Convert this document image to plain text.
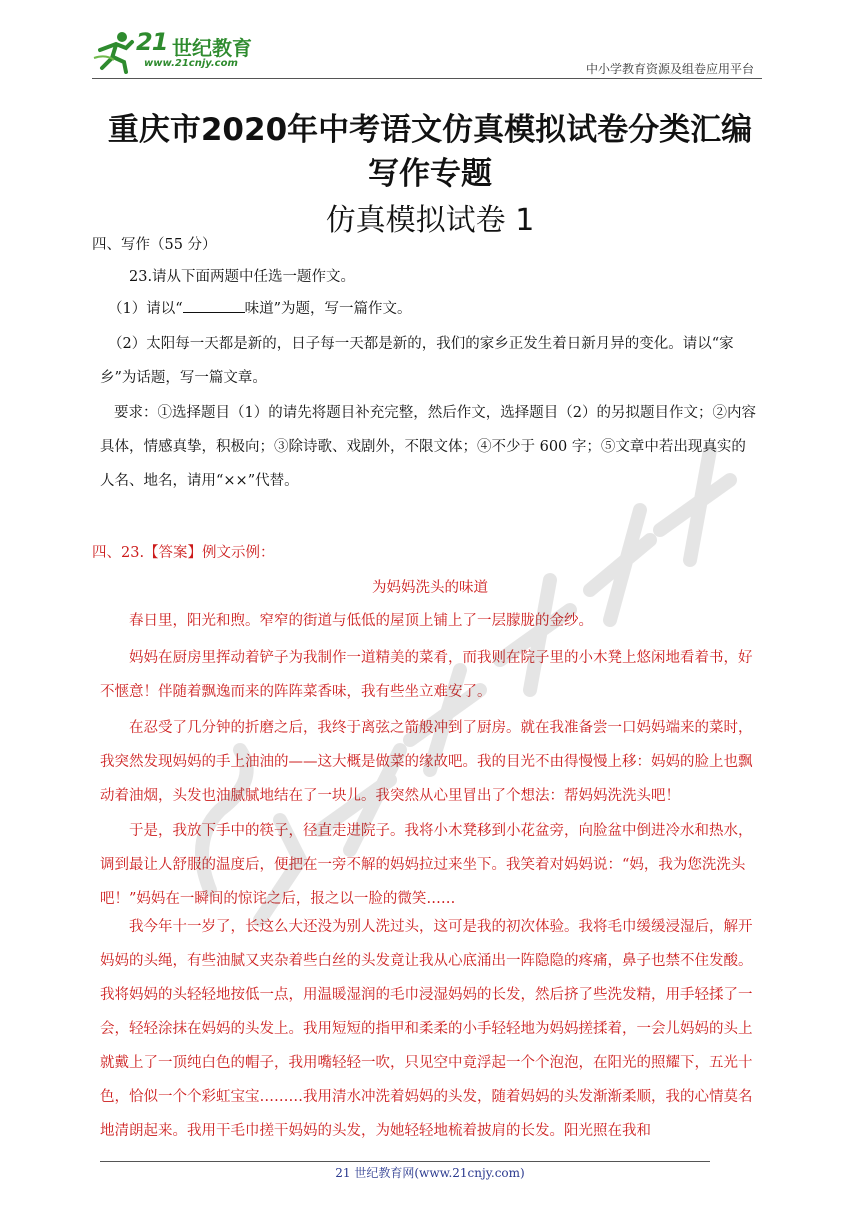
21 世纪教育
www.21cnjy.com	中小学教育资源及组卷应用平台
重庆市2020年中考语文仿真模拟试卷分类汇编
写作专题
仿真模拟试卷 1

四、写作（55 分）

23.请从下面两题中任选一题作文。

（1）请以“	味道”为题，写一篇作文。

（2）太阳每一天都是新的，日子每一天都是新的，我们的家乡正发生着日新月异的变化。请以“家乡”为话题，写一篇文章。

要求：①选择题目（1）的请先将题目补充完整，然后作文，选择题目（2）的另拟题目作文；②内容具体，情感真挚，积极向；③除诗歌、戏剧外，不限文体；④不少于 600 字；⑤文章中若出现真实的人名、地名，请用“××”代替。

四、23.【答案】例文示例：

为妈妈洗头的味道

春日里，阳光和煦。窄窄的街道与低低的屋顶上铺上了一层朦胧的金纱。

妈妈在厨房里挥动着铲子为我制作一道精美的菜肴，而我则在院子里的小木凳上悠闲地看着书，好不惬意！伴随着飘逸而来的阵阵菜香味，我有些坐立难安了。

在忍受了几分钟的折磨之后，我终于离弦之箭般冲到了厨房。就在我准备尝一口妈妈端来的菜时，我突然发现妈妈的手上油油的——这大概是做菜的缘故吧。我的目光不由得慢慢上移：妈妈的脸上也飘动着油烟，头发也油腻腻地结在了一块儿。我突然从心里冒出了个想法：帮妈妈洗洗头吧！

于是，我放下手中的筷子，径直走进院子。我将小木凳移到小花盆旁，向脸盆中倒进冷水和热水，调到最让人舒服的温度后，便把在一旁不解的妈妈拉过来坐下。我笑着对妈妈说：“妈，我为您洗洗头吧！”妈妈在一瞬间的惊诧之后，报之以一脸的微笑……

我今年十一岁了，长这么大还没为别人洗过头，这可是我的初次体验。我将毛巾缓缓浸湿后，解开妈妈的头绳，有些油腻又夹杂着些白丝的头发竟让我从心底涌出一阵隐隐的疼痛，鼻子也禁不住发酸。我将妈妈的头轻轻地按低一点，用温暖湿润的毛巾浸湿妈妈的长发，然后挤了些洗发精，用手轻揉了一会，轻轻涂抹在妈妈的头发上。我用短短的指甲和柔柔的小手轻轻地为妈妈搓揉着，一会儿妈妈的头上就戴上了一顶纯白色的帽子，我用嘴轻轻一吹，只见空中竟浮起一个个泡泡，在阳光的照耀下，五光十色，恰似一个个彩虹宝宝………我用清水冲洗着妈妈的头发，随着妈妈的头发渐渐柔顺，我的心情莫名地清朗起来。我用干毛巾搓干妈妈的头发，为她轻轻地梳着披肩的长发。阳光照在我和

21 世纪教育网(www.21cnjy.com)
